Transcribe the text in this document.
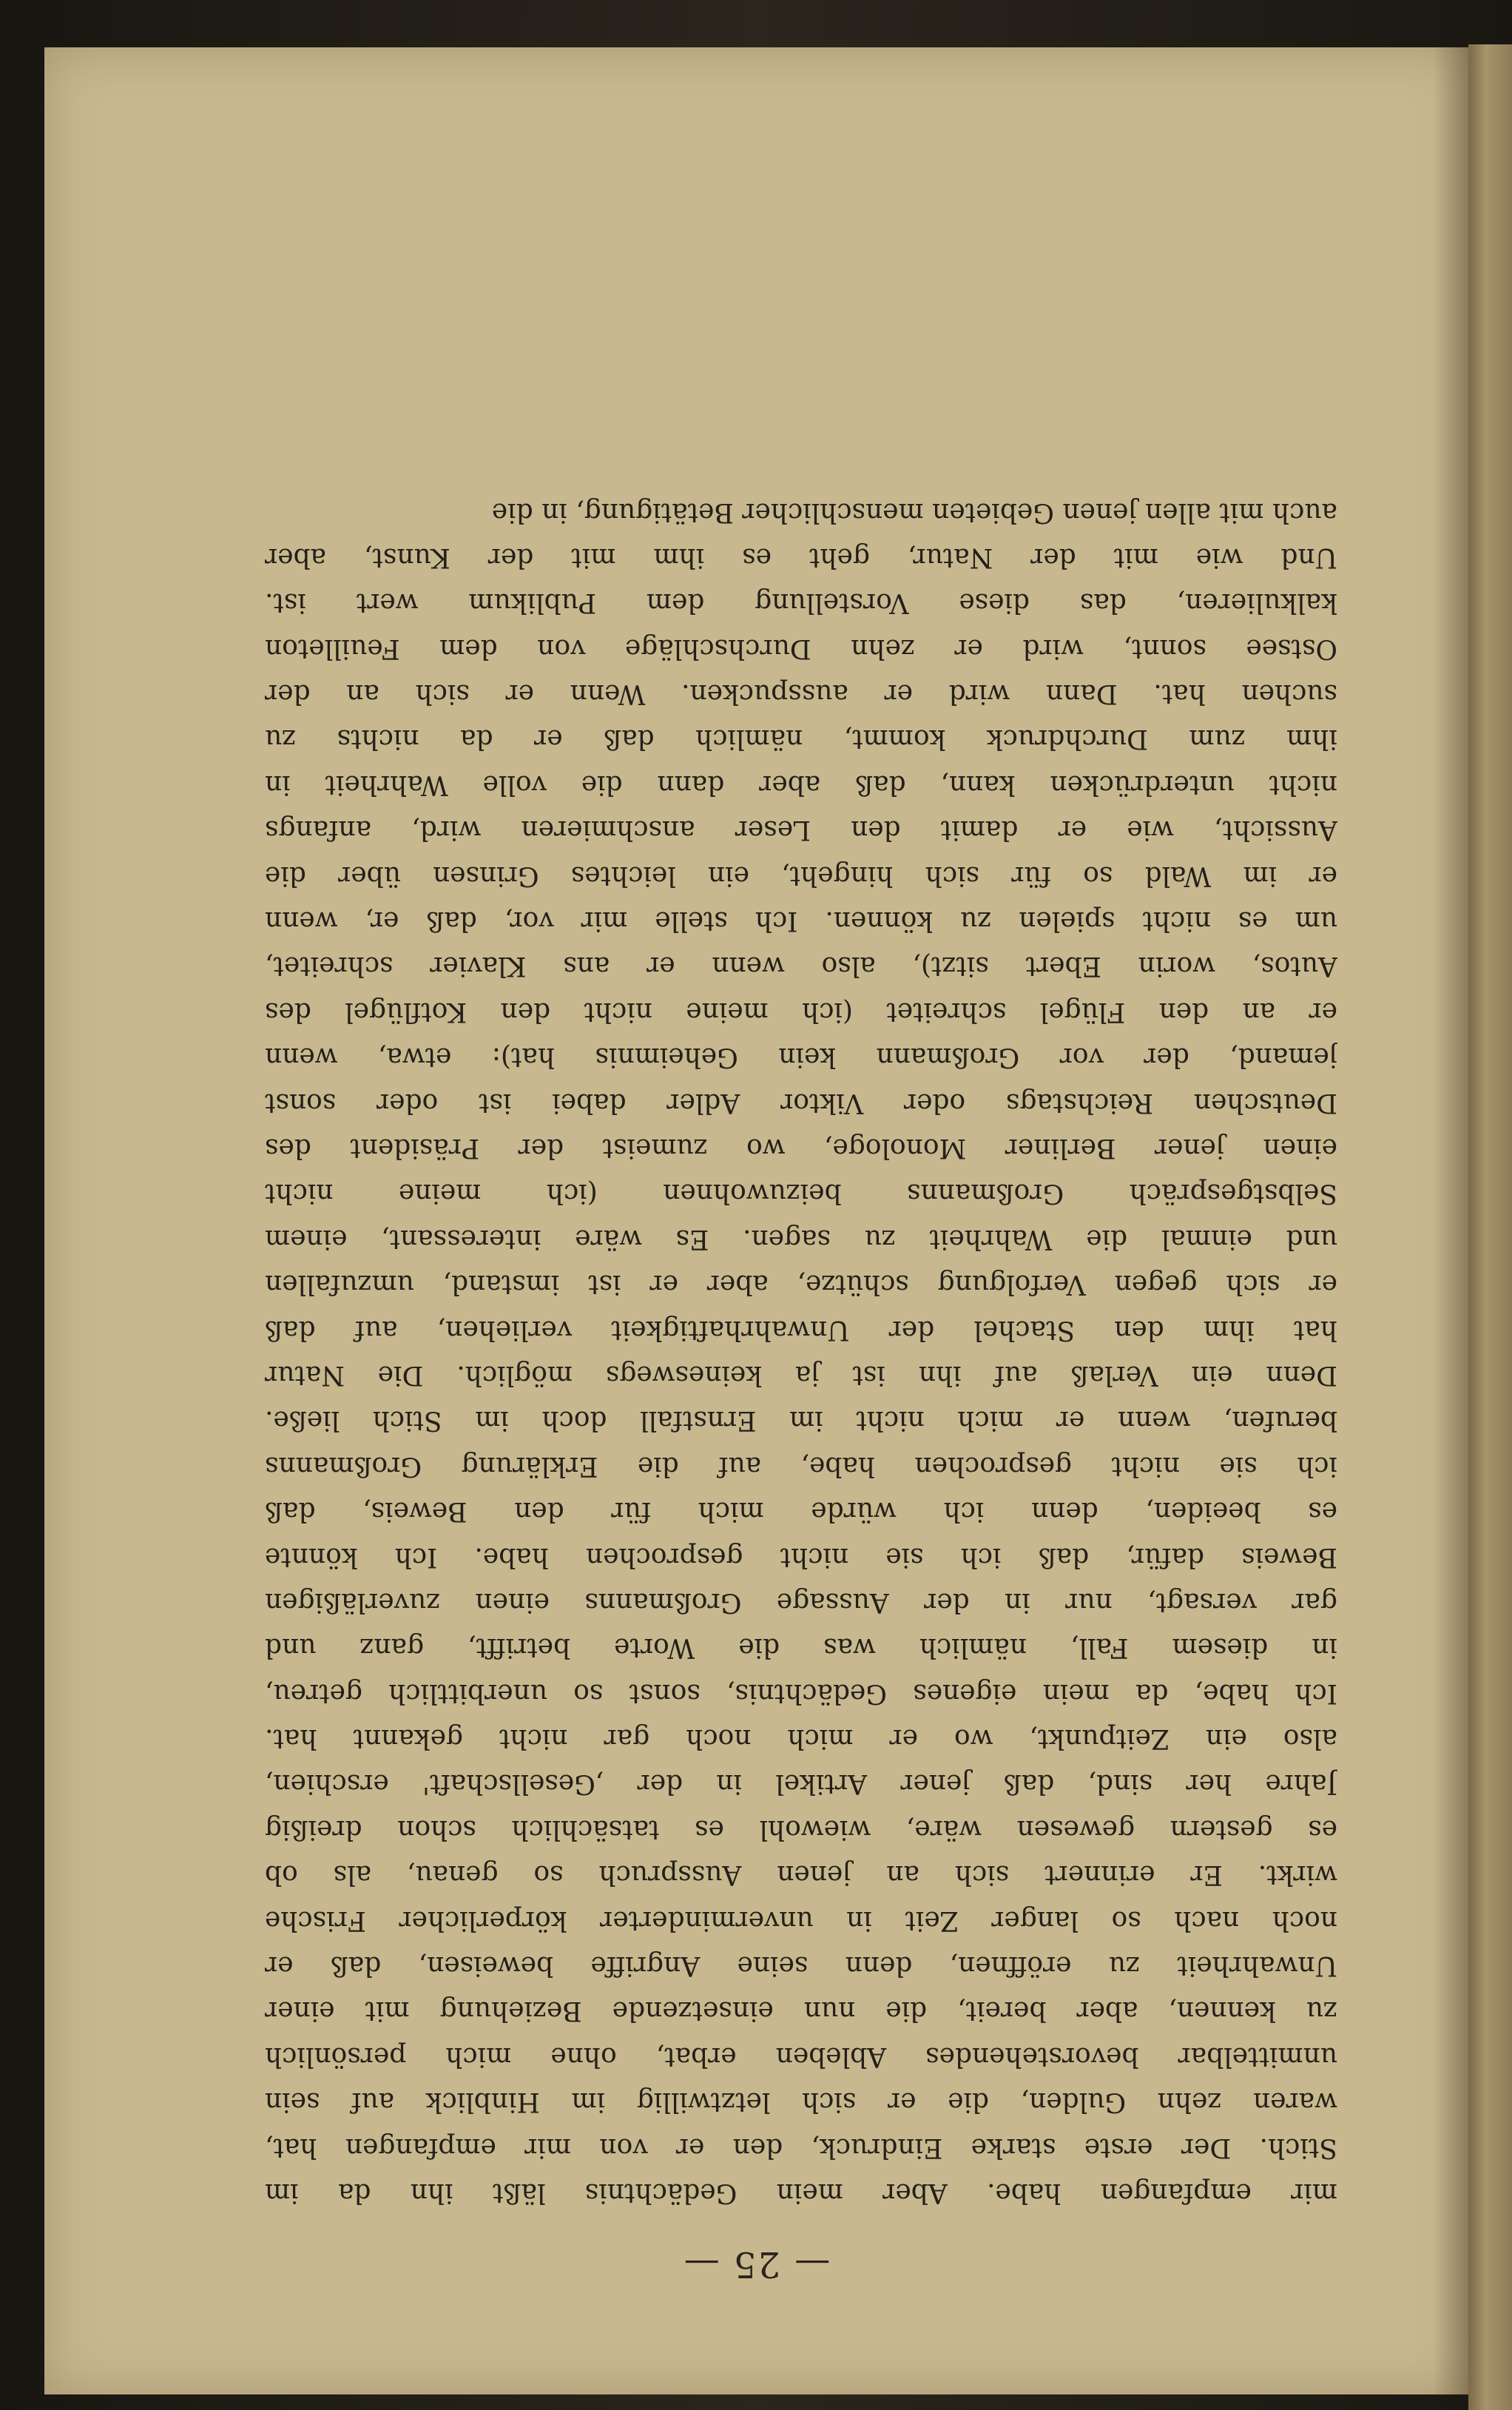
— 25 —
mir empfangen habe. Aber mein Gedächtnis läßt ihn da im
Stich. Der erste starke Eindruck, den er von mir empfangen hat,
waren zehn Gulden, die er sich letztwillig im Hinblick auf sein
unmittelbar bevorstehendes Ableben erbat, ohne mich persönlich
zu kennen, aber bereit, die nun einsetzende Beziehung mit einer
Unwahrheit zu eröffnen, denn seine Angriffe beweisen, daß er
noch nach so langer Zeit in unverminderter körperlicher Frische
wirkt. Er erinnert sich an jenen Ausspruch so genau, als ob
es gestern gewesen wäre, wiewohl es tatsächlich schon dreißig
Jahre her sind, daß jener Artikel in der ‚Gesellschaft' erschien,
also ein Zeitpunkt, wo er mich noch gar nicht gekannt hat.
Ich habe, da mein eigenes Gedächtnis, sonst so unerbittlich getreu,
in diesem Fall, nämlich was die Worte betrifft, ganz und
gar versagt, nur in der Aussage Großmanns einen zuverläßigen
Beweis dafür, daß ich sie nicht gesprochen habe. Ich könnte
es beeiden, denn ich würde mich für den Beweis, daß
ich sie nicht gesprochen habe, auf die Erklärung Großmanns
berufen, wenn er mich nicht im Ernstfall doch im Stich ließe.
Denn ein Verlaß auf ihn ist ja keineswegs möglich. Die Natur
hat ihm den Stachel der Unwahrhaftigkeit verliehen, auf daß
er sich gegen Verfolgung schütze, aber er ist imstand, umzufallen
und einmal die Wahrheit zu sagen. Es wäre interessant, einem
Selbstgespräch Großmanns beizuwohnen (ich meine nicht
einen jener Berliner Monologe, wo zumeist der Präsident des
Deutschen Reichstags oder Viktor Adler dabei ist oder sonst
jemand, der vor Großmann kein Geheimnis hat): etwa, wenn
er an den Flügel schreitet (ich meine nicht den Kotflügel des
Autos, worin Ebert sitzt), also wenn er ans Klavier schreitet,
um es nicht spielen zu können. Ich stelle mir vor, daß er, wenn
er im Wald so für sich hingeht, ein leichtes Grinsen über die
Aussicht, wie er damit den Leser anschmieren wird, anfangs
nicht unterdrücken kann, daß aber dann die volle Wahrheit in
ihm zum Durchdruck kommt, nämlich daß er da nichts zu
suchen hat. Dann wird er ausspucken. Wenn er sich an der
Ostsee sonnt, wird er zehn Durchschläge von dem Feuilleton
kalkulieren, das diese Vorstellung dem Publikum wert ist.
Und wie mit der Natur, geht es ihm mit der Kunst, aber
auch mit allen jenen Gebieten menschlicher Betätigung, in die
